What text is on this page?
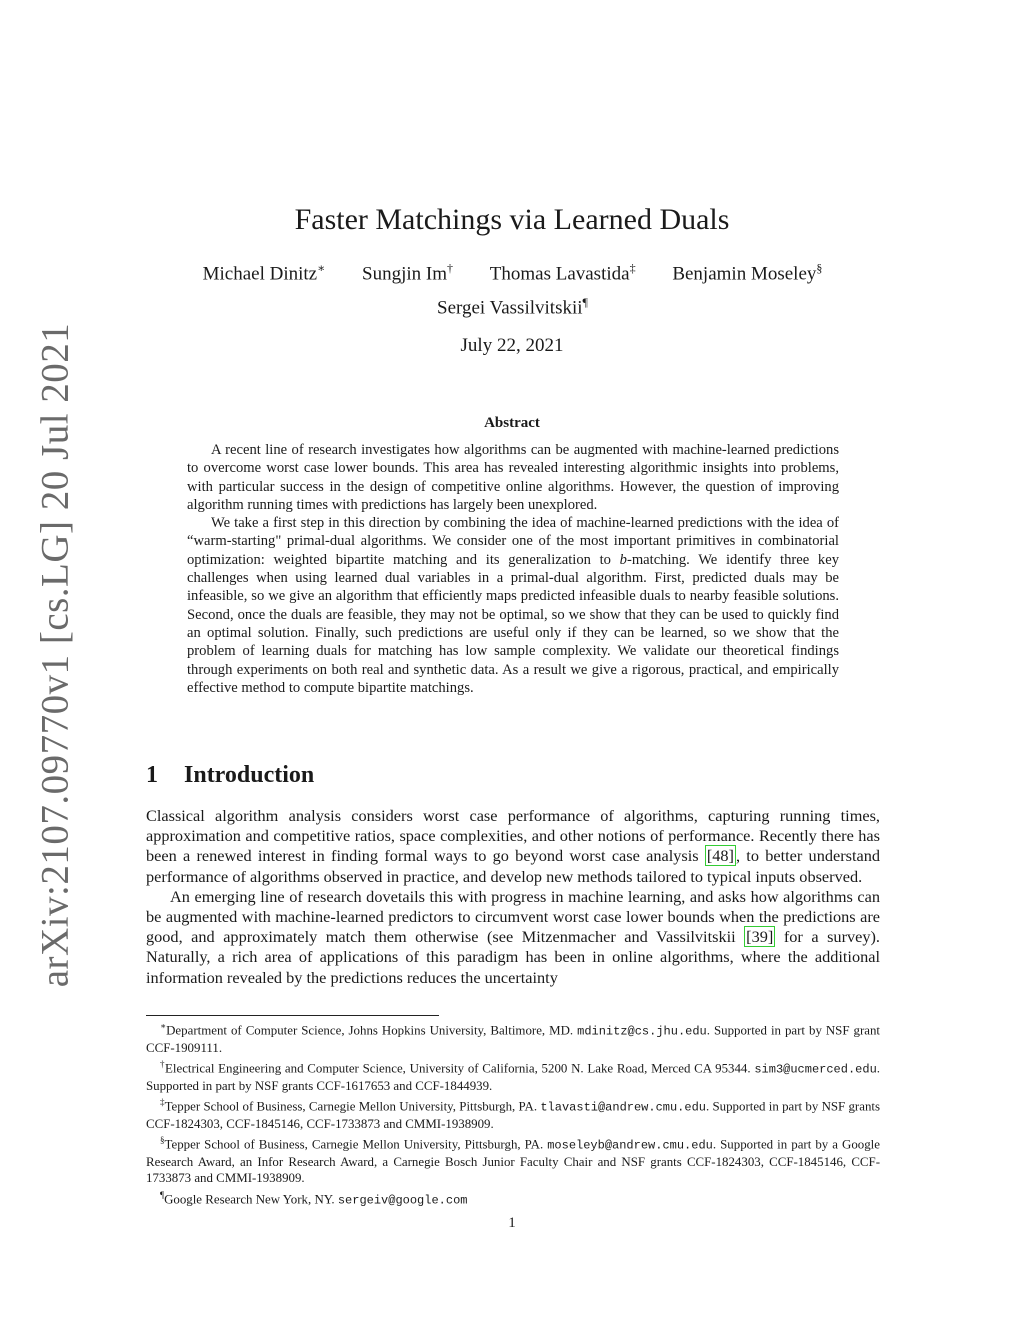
arXiv:2107.09770v1 [cs.LG] 20 Jul 2021
Faster Matchings via Learned Duals
Michael Dinitz∗ Sungjin Im† Thomas Lavastida‡ Benjamin Moseley§
Sergei Vassilvitskii¶
July 22, 2021
Abstract

A recent line of research investigates how algorithms can be augmented with machine-learned predictions to overcome worst case lower bounds. This area has revealed interesting algorithmic insights into problems, with particular success in the design of competitive online algorithms. However, the question of improving algorithm running times with predictions has largely been unexplored.

We take a first step in this direction by combining the idea of machine-learned predictions with the idea of “warm-starting" primal-dual algorithms. We consider one of the most important primitives in combinatorial optimization: weighted bipartite matching and its generalization to b-matching. We identify three key challenges when using learned dual variables in a primal-dual algorithm. First, predicted duals may be infeasible, so we give an algorithm that efficiently maps predicted infeasible duals to nearby feasible solutions. Second, once the duals are feasible, they may not be optimal, so we show that they can be used to quickly find an optimal solution. Finally, such predictions are useful only if they can be learned, so we show that the problem of learning duals for matching has low sample complexity. We validate our theoretical findings through experiments on both real and synthetic data. As a result we give a rigorous, practical, and empirically effective method to compute bipartite matchings.

1 Introduction

Classical algorithm analysis considers worst case performance of algorithms, capturing running times, approximation and competitive ratios, space complexities, and other notions of performance. Recently there has been a renewed interest in finding formal ways to go beyond worst case analysis [48] , to better understand performance of algorithms observed in practice, and develop new methods tailored to typical inputs observed.

An emerging line of research dovetails this with progress in machine learning, and asks how algorithms can be augmented with machine-learned predictors to circumvent worst case lower bounds when the predictions are good, and approximately match them otherwise (see Mitzenmacher and Vassilvitskii [39] for a survey). Naturally, a rich area of applications of this paradigm has been in online algorithms, where the additional information revealed by the predictions reduces the uncertainty

∗Department of Computer Science, Johns Hopkins University, Baltimore, MD. mdinitz@cs.jhu.edu. Supported in part by NSF grant CCF-1909111.

†Electrical Engineering and Computer Science, University of California, 5200 N. Lake Road, Merced CA 95344. sim3@ucmerced.edu. Supported in part by NSF grants CCF-1617653 and CCF-1844939.

‡Tepper School of Business, Carnegie Mellon University, Pittsburgh, PA. tlavasti@andrew.cmu.edu. Supported in part by NSF grants CCF-1824303, CCF-1845146, CCF-1733873 and CMMI-1938909.

§Tepper School of Business, Carnegie Mellon University, Pittsburgh, PA. moseleyb@andrew.cmu.edu. Supported in part by a Google Research Award, an Infor Research Award, a Carnegie Bosch Junior Faculty Chair and NSF grants CCF-1824303, CCF-1845146, CCF-1733873 and CMMI-1938909.

¶Google Research New York, NY. sergeiv@google.com

1
